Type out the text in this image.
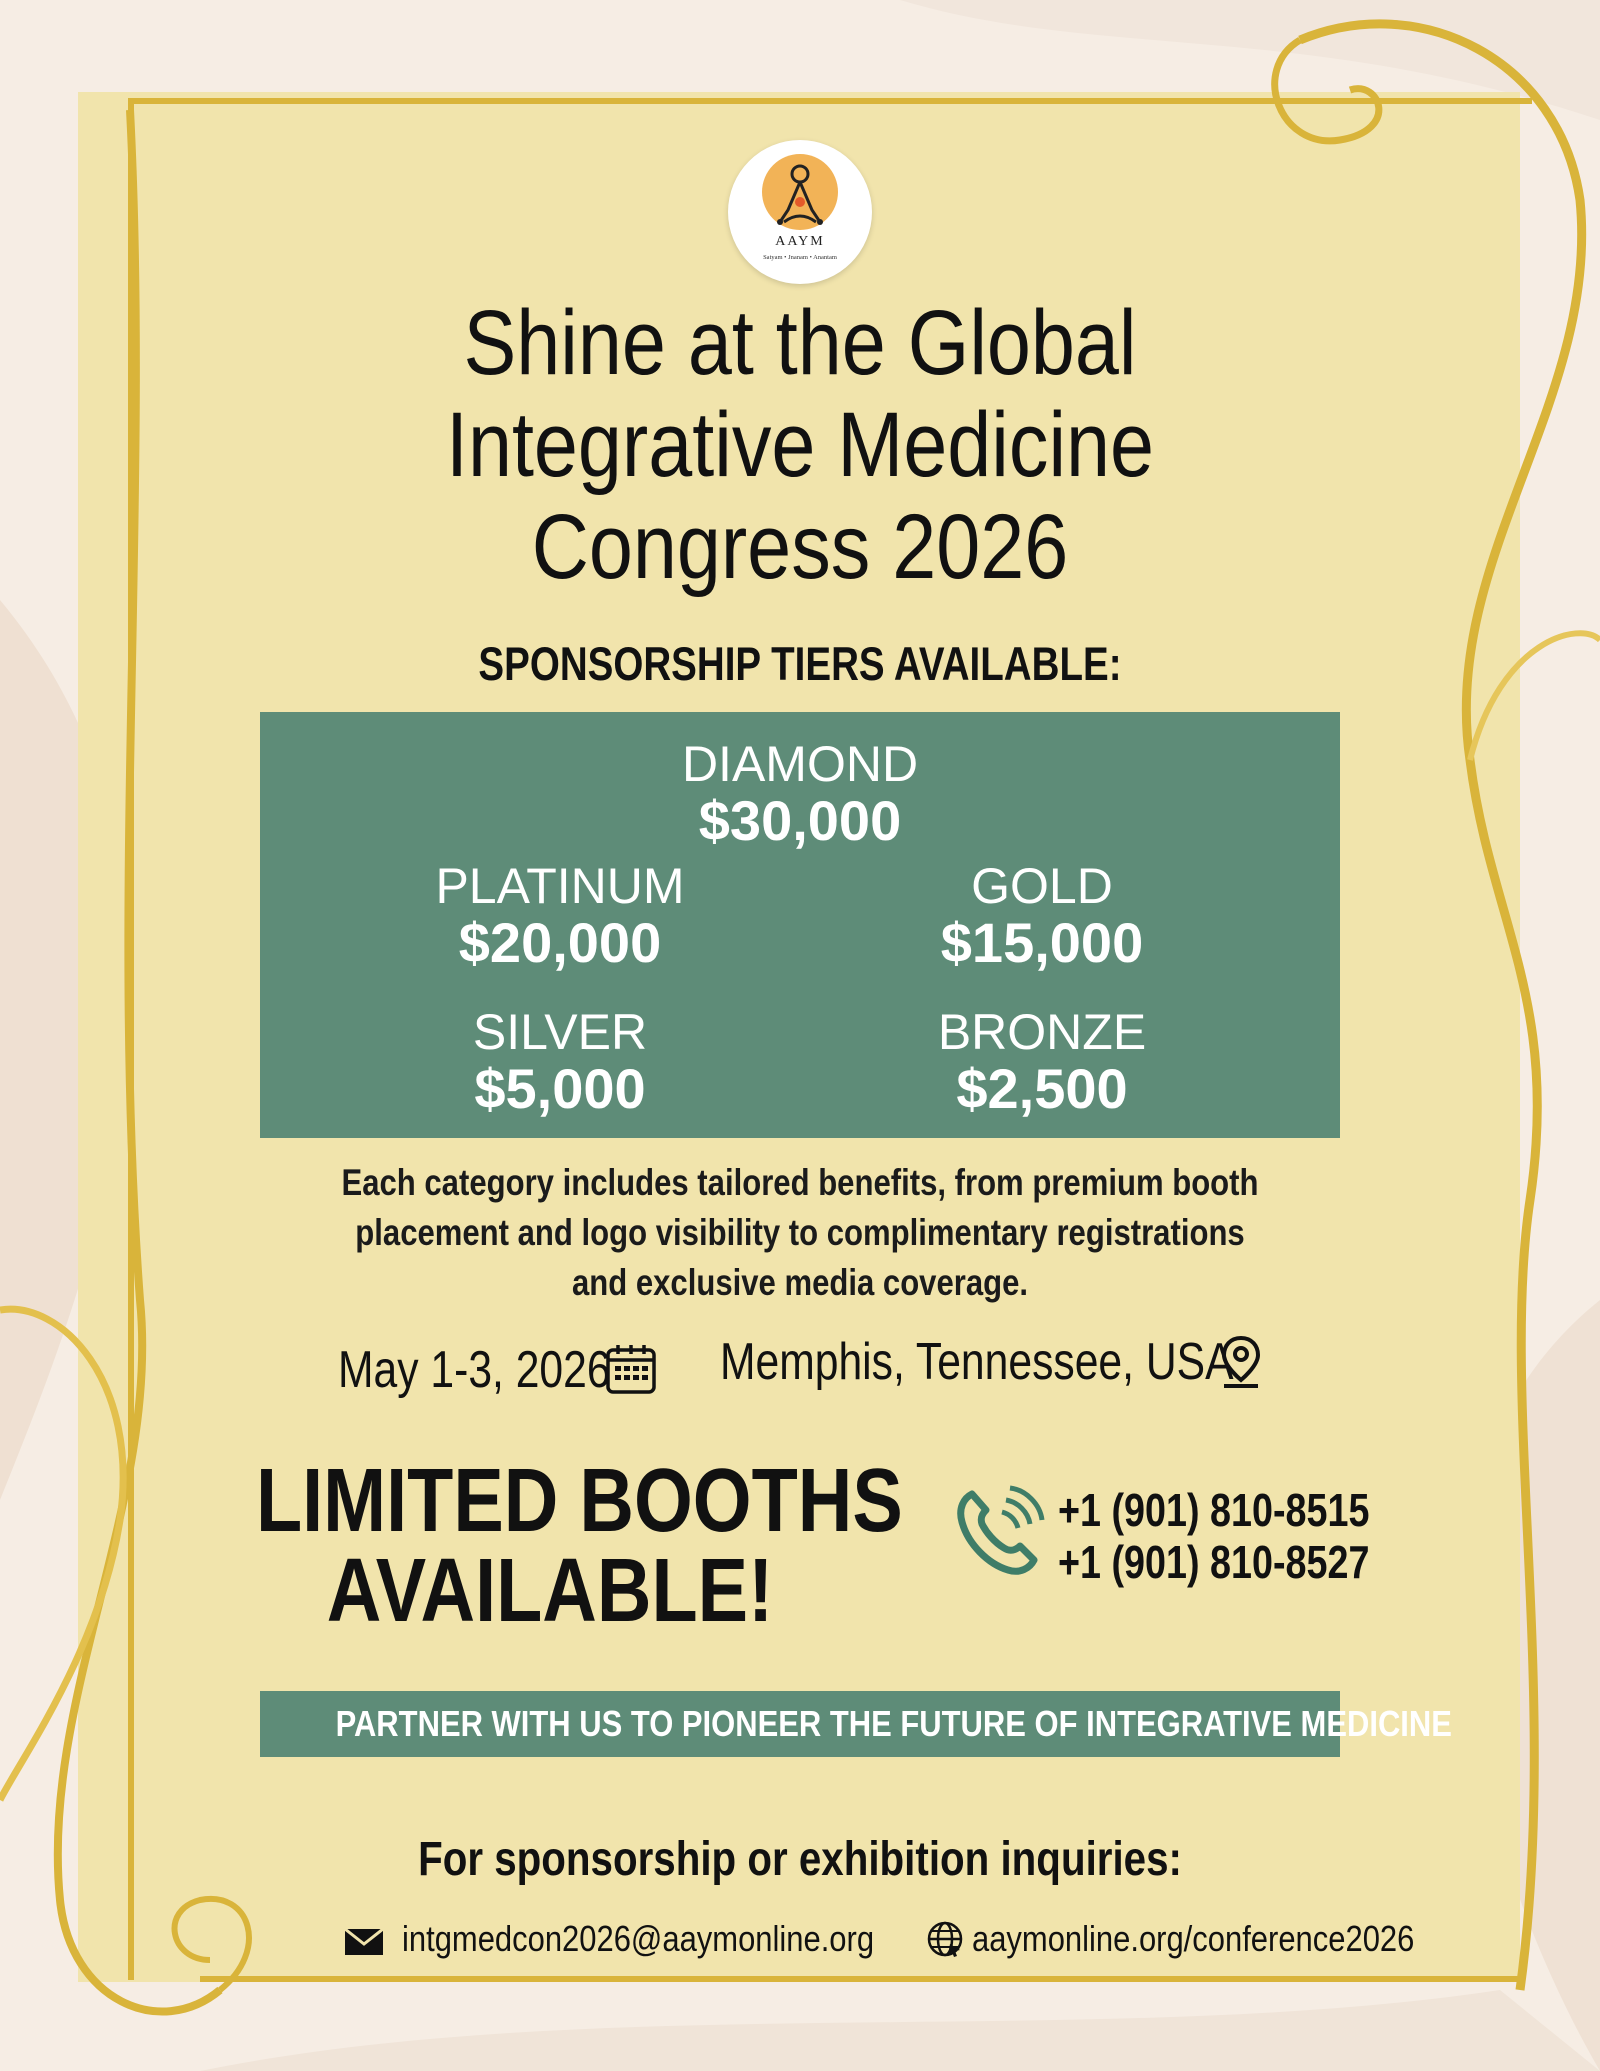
AAYM
Satyam • Jnanam • Anantam
Shine at the Global
Integrative Medicine
Congress 2026
SPONSORSHIP TIERS AVAILABLE:
DIAMOND
$30,000
PLATINUM
$20,000
GOLD
$15,000
SILVER
$5,000
BRONZE
$2,500
Each category includes tailored benefits, from premium booth
placement and logo visibility to complimentary registrations
and exclusive media coverage.
May 1-3, 2026	Memphis, Tennessee, USA
LIMITED BOOTHS
AVAILABLE!
+1 (901) 810-8515
+1 (901) 810-8527
PARTNER WITH US TO PIONEER THE FUTURE OF INTEGRATIVE MEDICINE
For sponsorship or exhibition inquiries:
intgmedcon2026@aaymonline.org	aaymonline.org/conference2026
